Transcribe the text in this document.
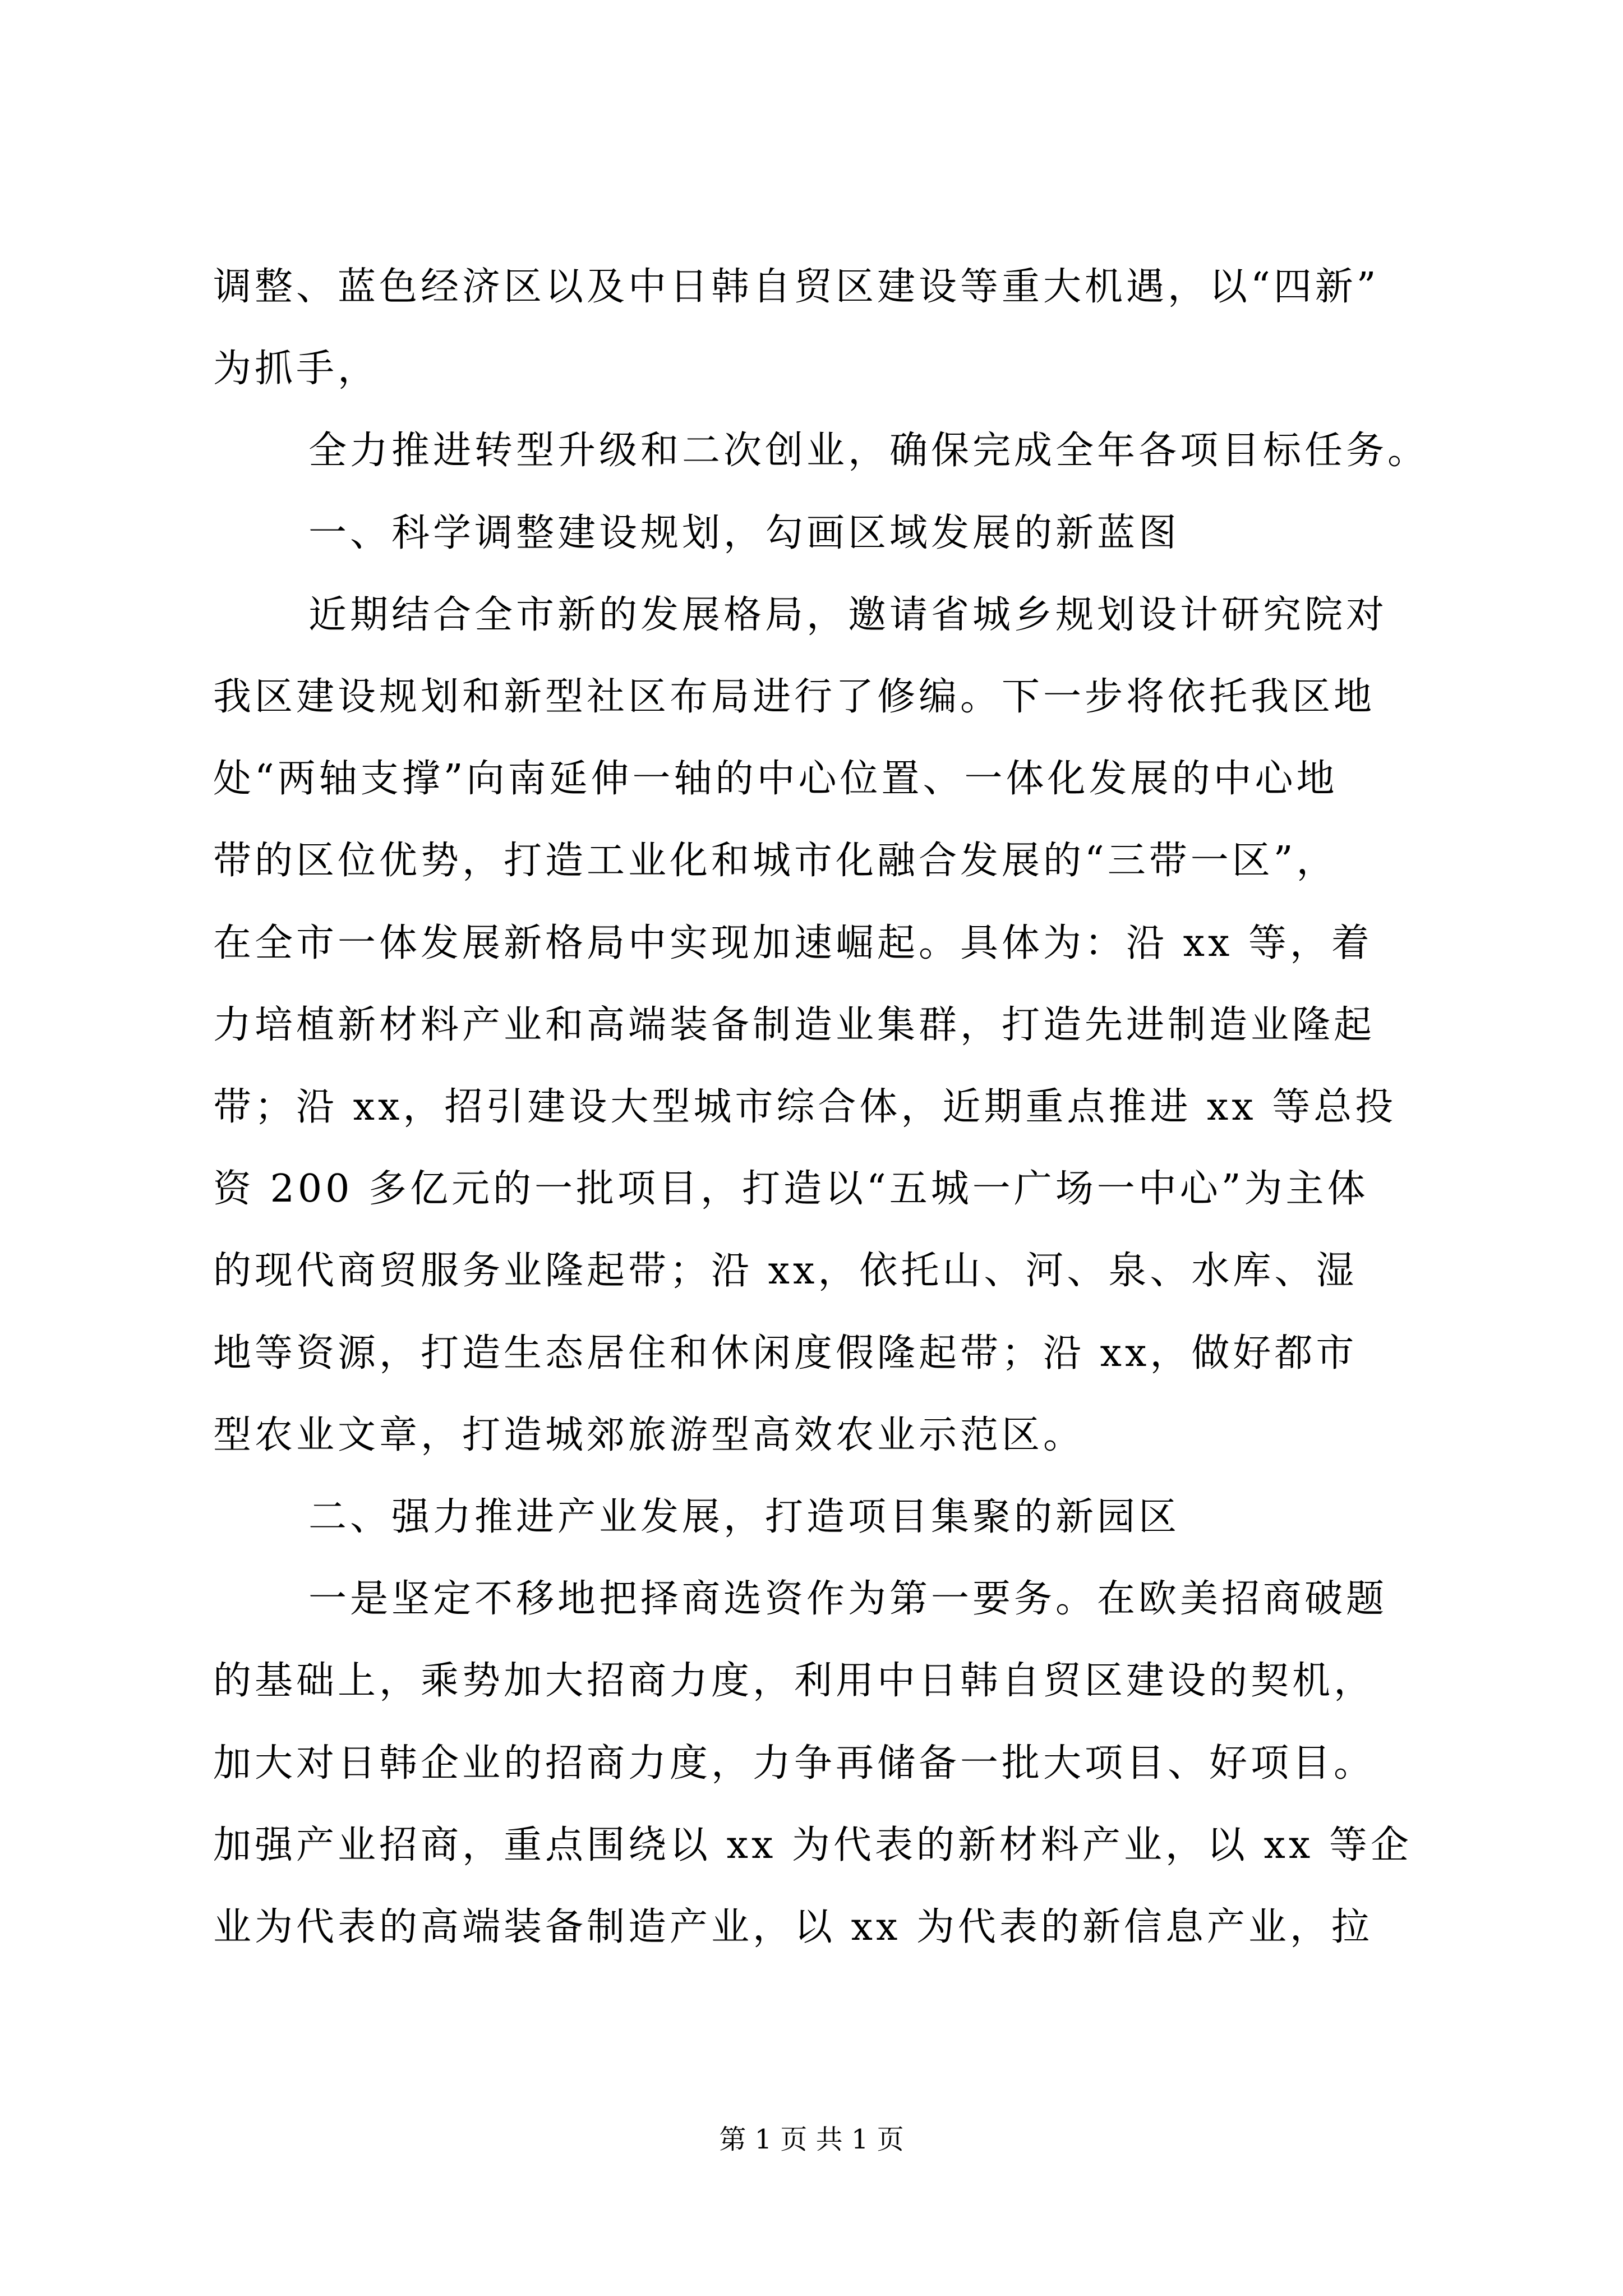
调整、蓝色经济区以及中日韩自贸区建设等重大机遇，以“四新”

为抓手，

全力推进转型升级和二次创业，确保完成全年各项目标任务。

一、科学调整建设规划，勾画区域发展的新蓝图

近期结合全市新的发展格局，邀请省城乡规划设计研究院对

我区建设规划和新型社区布局进行了修编。下一步将依托我区地

处“两轴支撑”向南延伸一轴的中心位置、一体化发展的中心地

带的区位优势，打造工业化和城市化融合发展的“三带一区”，

在全市一体发展新格局中实现加速崛起。具体为：沿 xx 等，着

力培植新材料产业和高端装备制造业集群，打造先进制造业隆起

带；沿 xx，招引建设大型城市综合体，近期重点推进 xx 等总投

资 200 多亿元的一批项目，打造以“五城一广场一中心”为主体

的现代商贸服务业隆起带；沿 xx，依托山、河、泉、水库、湿

地等资源，打造生态居住和休闲度假隆起带；沿 xx，做好都市

型农业文章，打造城郊旅游型高效农业示范区。

二、强力推进产业发展，打造项目集聚的新园区

一是坚定不移地把择商选资作为第一要务。在欧美招商破题

的基础上，乘势加大招商力度，利用中日韩自贸区建设的契机，

加大对日韩企业的招商力度，力争再储备一批大项目、好项目。

加强产业招商，重点围绕以 xx 为代表的新材料产业，以 xx 等企

业为代表的高端装备制造产业，以 xx 为代表的新信息产业，拉

第 1 页 共 1 页
